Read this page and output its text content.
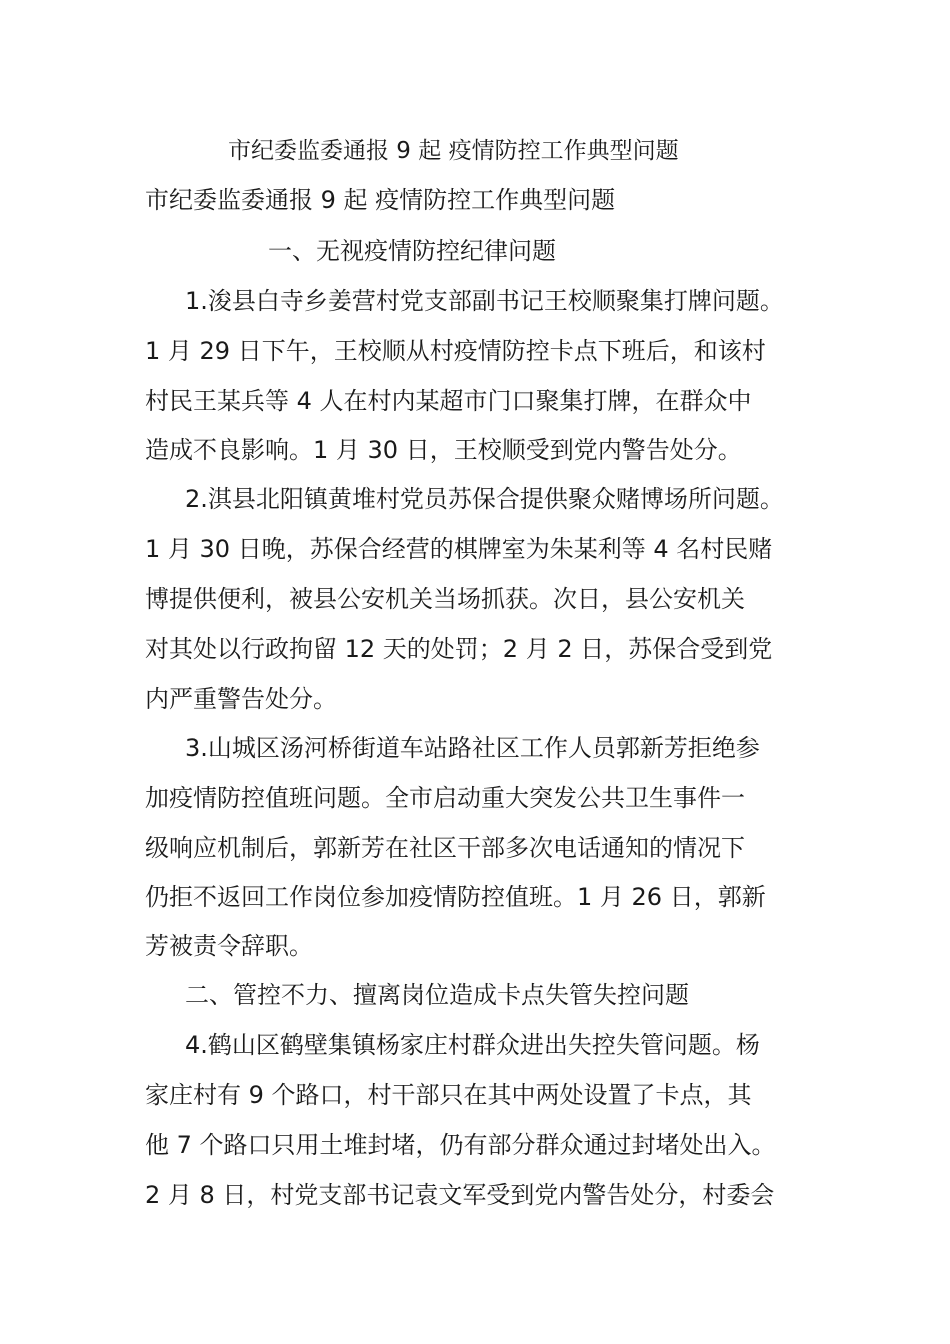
市纪委监委通报 9 起 疫情防控工作典型问题
市纪委监委通报 9 起 疫情防控工作典型问题
一、无视疫情防控纪律问题
1.浚县白寺乡姜营村党支部副书记王校顺聚集打牌问题。
1 月 29 日下午，王校顺从村疫情防控卡点下班后，和该村
村民王某兵等 4 人在村内某超市门口聚集打牌，在群众中
造成不良影响。1 月 30 日，王校顺受到党内警告处分。
2.淇县北阳镇黄堆村党员苏保合提供聚众赌博场所问题。
1 月 30 日晚，苏保合经营的棋牌室为朱某利等 4 名村民赌
博提供便利，被县公安机关当场抓获。次日，县公安机关
对其处以行政拘留 12 天的处罚；2 月 2 日，苏保合受到党
内严重警告处分。
3.山城区汤河桥街道车站路社区工作人员郭新芳拒绝参
加疫情防控值班问题。全市启动重大突发公共卫生事件一
级响应机制后，郭新芳在社区干部多次电话通知的情况下
仍拒不返回工作岗位参加疫情防控值班。1 月 26 日，郭新
芳被责令辞职。
二、管控不力、擅离岗位造成卡点失管失控问题
4.鹤山区鹤壁集镇杨家庄村群众进出失控失管问题。杨
家庄村有 9 个路口，村干部只在其中两处设置了卡点，其
他 7 个路口只用土堆封堵，仍有部分群众通过封堵处出入。
2 月 8 日，村党支部书记袁文军受到党内警告处分，村委会
